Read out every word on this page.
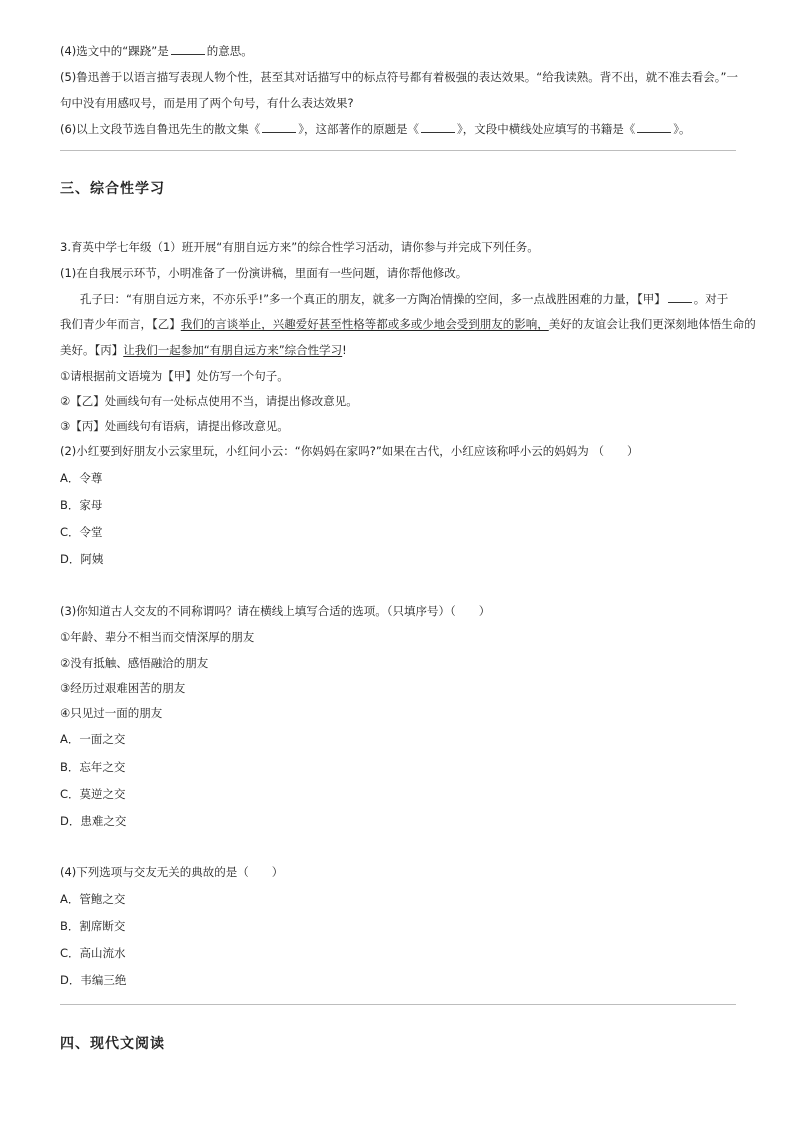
(4)选文中的“踝跷”是	的意思。
(5)鲁迅善于以语言描写表现人物个性，甚至其对话描写中的标点符号都有着极强的表达效果。“给我读熟。背不出，就不准去看会。”一
句中没有用感叹号，而是用了两个句号，有什么表达效果?
(6)以上文段节选自鲁迅先生的散文集《	》，这部著作的原题是《	》，文段中横线处应填写的书籍是《	》。
三、综合性学习
3.育英中学七年级（1）班开展“有朋自远方来”的综合性学习活动，请你参与并完成下列任务。
(1)在自我展示环节，小明准备了一份演讲稿，里面有一些问题，请你帮他修改。
孔子曰：“有朋自远方来，不亦乐乎!”多一个真正的朋友，就多一方陶冶情操的空间，多一点战胜困难的力量，【甲】 。对于
我们青少年而言，【乙】我们的言谈举止，兴趣爱好甚至性格等都或多或少地会受到朋友的影响，美好的友谊会让我们更深刻地体悟生命的
美好。【丙】让我们一起参加“有朋自远方来”综合性学习!
①请根据前文语境为【甲】处仿写一个句子。
②【乙】处画线句有一处标点使用不当，请提出修改意见。
③【丙】处画线句有语病，请提出修改意见。
(2)小红要到好朋友小云家里玩，小红问小云：“你妈妈在家吗?”如果在古代，小红应该称呼小云的妈妈为 （　　）
A．令尊
B．家母
C．令堂
D．阿姨
(3)你知道古人交友的不同称谓吗？请在横线上填写合适的选项。（只填序号）（　　）
①年龄、辈分不相当而交情深厚的朋友
②没有抵触、感悟融洽的朋友
③经历过艰难困苦的朋友
④只见过一面的朋友
A．一面之交
B．忘年之交
C．莫逆之交
D．患难之交
(4)下列选项与交友无关的典故的是（　　）
A．管鲍之交
B．割席断交
C．高山流水
D．韦编三绝
四、现代文阅读
